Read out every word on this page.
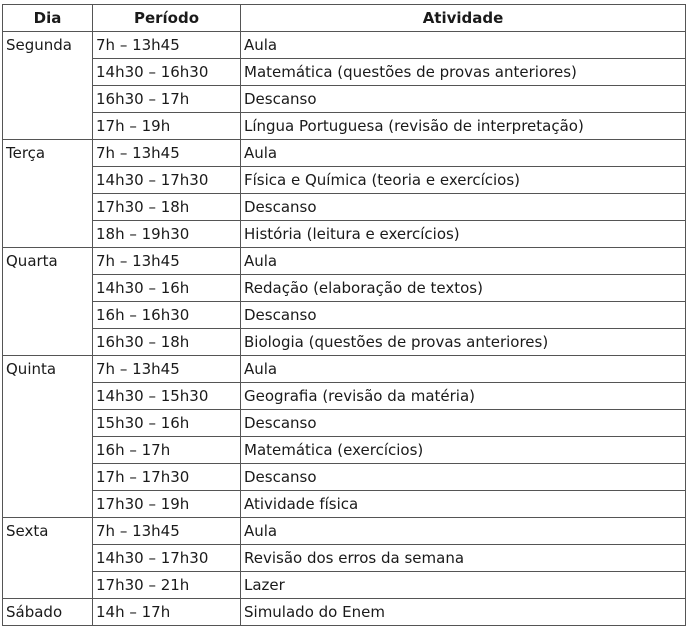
Dia	Período	Atividade
Segunda	7h – 13h45	Aula
	14h30 – 16h30	Matemática (questões de provas anteriores)
	16h30 – 17h	Descanso
	17h – 19h	Língua Portuguesa (revisão de interpretação)
Terça	7h – 13h45	Aula
	14h30 – 17h30	Física e Química (teoria e exercícios)
	17h30 – 18h	Descanso
	18h – 19h30	História (leitura e exercícios)
Quarta	7h – 13h45	Aula
	14h30 – 16h	Redação (elaboração de textos)
	16h – 16h30	Descanso
	16h30 – 18h	Biologia (questões de provas anteriores)
Quinta	7h – 13h45	Aula
	14h30 – 15h30	Geografia (revisão da matéria)
	15h30 – 16h	Descanso
	16h – 17h	Matemática (exercícios)
	17h – 17h30	Descanso
	17h30 – 19h	Atividade física
Sexta	7h – 13h45	Aula
	14h30 – 17h30	Revisão dos erros da semana
	17h30 – 21h	Lazer
Sábado	14h – 17h	Simulado do Enem
